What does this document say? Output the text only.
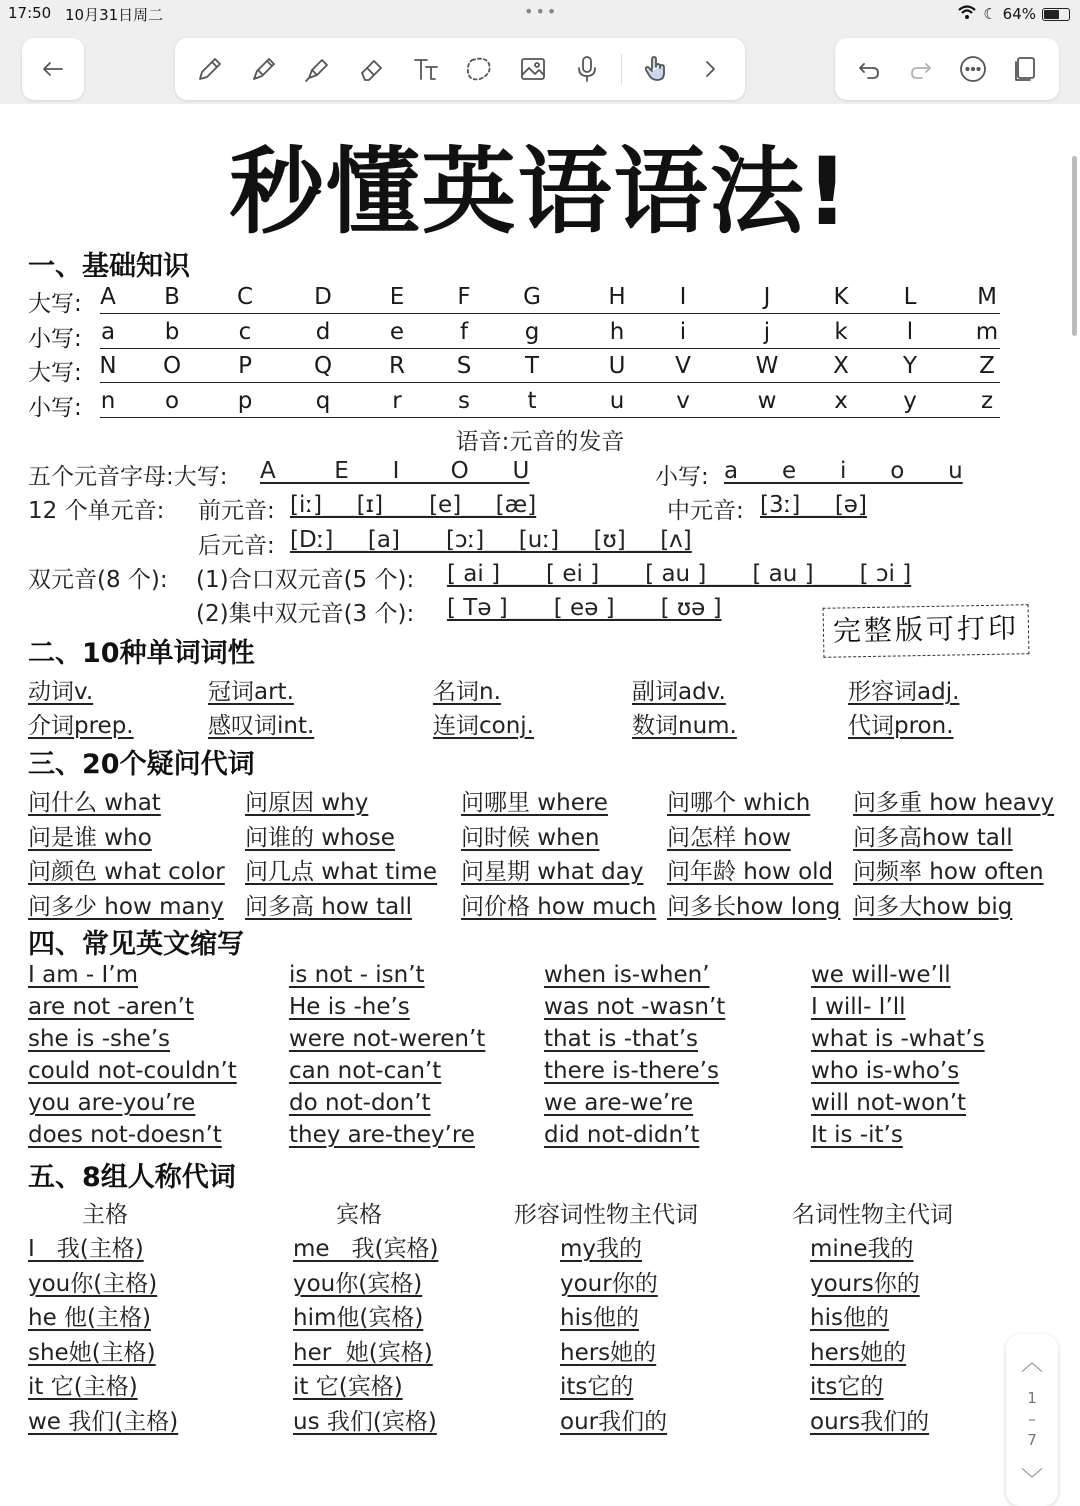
17:50 10月31日周二	•••	☾ 64%
秒懂英语语法!
一、基础知识
大写: A B C	D	E F G	H I	J	K L	M
小写: a b	c	d	e f g	h i	j	k	l	m
大写: N O P	Q R S T	U V	W X Y	Z
小写: n o	p	q	r s t	u v	w	x y	z
语音:元音的发音
五个元音字母:大写: A        E      I       O      U	小写: a      e      i      o      u
12 个单元音: 前元音: [iː]___[ɪ]____[e]___[æ]	中元音: [3ː]___[ə]
后元音: [Dː]___[a]____[ɔː]___[uː]___[ʊ]___[ʌ]
双元音(8 个): (1)合口双元音(5 个): [ ai ]____[ ei ]____[ au ]____[ au ]____[ ɔi ]
(2)集中双元音(3 个): [ Tə ]____[ eə ]____[ ʊə ]
完整版可打印
二、10种单词词性
动词v.	冠词art.	名词n.	副词adv.	形容词adj.
介词prep.	感叹词int.	连词conj.	数词num.	代词pron.
三、20个疑问代词
问什么 what	问原因 why	问哪里 where	问哪个 which 问多重 how heavy
问是谁 who	问谁的 whose	问时候 when	问怎样 how	问多高how tall
问颜色 what color 问几点 what time 问星期 what day 问年龄 how old 问频率 how often
问多少 how many 问多高 how tall 问价格 how much 问多长how long 问多大how big
四、常见英文缩写
I am - I’m	is not - isn’t	when is-when’	we will-we’ll
are not -aren’t	He is -he’s	was not -wasn’t	I will- I’ll
she is -she’s	were not-weren’t	that is -that’s	what is -what’s
could not-couldn’t can not-can’t	there is-there’s	who is-who’s
you are-you’re	do not-don’t	we are-we’re	will not-won’t
does not-doesn’t	they are-they’re	did not-didn’t	It is -it’s
五、8组人称代词
主格	宾格	形容词性物主代词	名词性物主代词
I   我(主格)	me   我(宾格)	my我的	mine我的
you你(主格)	you你(宾格)	your你的	yours你的
he 他(主格)	him他(宾格)	his他的	his他的
she她(主格)	her  她(宾格)	hers她的	hers她的
it 它(主格)	it 它(宾格)	its它的	its它的
we 我们(主格)	us 我们(宾格)	our我们的	ours我们的
︿
1
–
7
﹀
